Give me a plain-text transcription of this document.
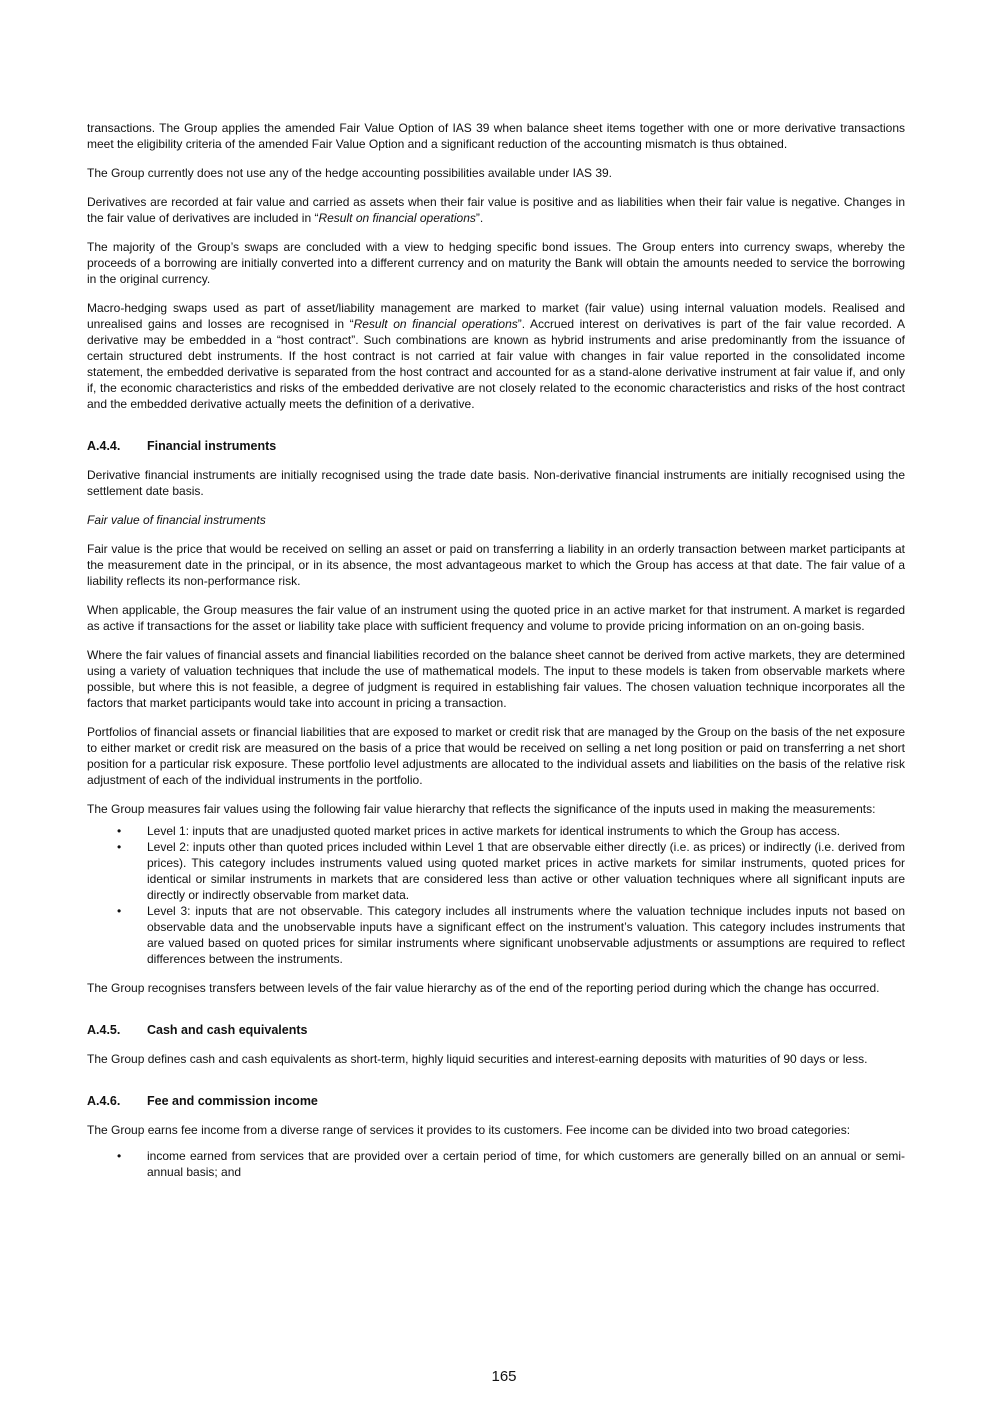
transactions. The Group applies the amended Fair Value Option of IAS 39 when balance sheet items together with one or more derivative transactions meet the eligibility criteria of the amended Fair Value Option and a significant reduction of the accounting mismatch is thus obtained.

The Group currently does not use any of the hedge accounting possibilities available under IAS 39.

Derivatives are recorded at fair value and carried as assets when their fair value is positive and as liabilities when their fair value is negative. Changes in the fair value of derivatives are included in “Result on financial operations”.

The majority of the Group’s swaps are concluded with a view to hedging specific bond issues. The Group enters into currency swaps, whereby the proceeds of a borrowing are initially converted into a different currency and on maturity the Bank will obtain the amounts needed to service the borrowing in the original currency.

Macro-hedging swaps used as part of asset/liability management are marked to market (fair value) using internal valuation models. Realised and unrealised gains and losses are recognised in “Result on financial operations”. Accrued interest on derivatives is part of the fair value recorded. A derivative may be embedded in a “host contract”. Such combinations are known as hybrid instruments and arise predominantly from the issuance of certain structured debt instruments. If the host contract is not carried at fair value with changes in fair value reported in the consolidated income statement, the embedded derivative is separated from the host contract and accounted for as a stand-alone derivative instrument at fair value if, and only if, the economic characteristics and risks of the embedded derivative are not closely related to the economic characteristics and risks of the host contract and the embedded derivative actually meets the definition of a derivative.

A.4.4.	Financial instruments

Derivative financial instruments are initially recognised using the trade date basis. Non-derivative financial instruments are initially recognised using the settlement date basis.

Fair value of financial instruments

Fair value is the price that would be received on selling an asset or paid on transferring a liability in an orderly transaction between market participants at the measurement date in the principal, or in its absence, the most advantageous market to which the Group has access at that date. The fair value of a liability reflects its non-performance risk.

When applicable, the Group measures the fair value of an instrument using the quoted price in an active market for that instrument. A market is regarded as active if transactions for the asset or liability take place with sufficient frequency and volume to provide pricing information on an on-going basis.

Where the fair values of financial assets and financial liabilities recorded on the balance sheet cannot be derived from active markets, they are determined using a variety of valuation techniques that include the use of mathematical models. The input to these models is taken from observable markets where possible, but where this is not feasible, a degree of judgment is required in establishing fair values. The chosen valuation technique incorporates all the factors that market participants would take into account in pricing a transaction.

Portfolios of financial assets or financial liabilities that are exposed to market or credit risk that are managed by the Group on the basis of the net exposure to either market or credit risk are measured on the basis of a price that would be received on selling a net long position or paid on transferring a net short position for a particular risk exposure. These portfolio level adjustments are allocated to the individual assets and liabilities on the basis of the relative risk adjustment of each of the individual instruments in the portfolio.

The Group measures fair values using the following fair value hierarchy that reflects the significance of the inputs used in making the measurements:

• Level 1: inputs that are unadjusted quoted market prices in active markets for identical instruments to which the Group has access.
• Level 2: inputs other than quoted prices included within Level 1 that are observable either directly (i.e. as prices) or indirectly (i.e. derived from prices). This category includes instruments valued using quoted market prices in active markets for similar instruments, quoted prices for identical or similar instruments in markets that are considered less than active or other valuation techniques where all significant inputs are directly or indirectly observable from market data.
• Level 3: inputs that are not observable. This category includes all instruments where the valuation technique includes inputs not based on observable data and the unobservable inputs have a significant effect on the instrument’s valuation. This category includes instruments that are valued based on quoted prices for similar instruments where significant unobservable adjustments or assumptions are required to reflect differences between the instruments.

The Group recognises transfers between levels of the fair value hierarchy as of the end of the reporting period during which the change has occurred.

A.4.5.	Cash and cash equivalents

The Group defines cash and cash equivalents as short-term, highly liquid securities and interest-earning deposits with maturities of 90 days or less.

A.4.6.	Fee and commission income

The Group earns fee income from a diverse range of services it provides to its customers. Fee income can be divided into two broad categories:

• income earned from services that are provided over a certain period of time, for which customers are generally billed on an annual or semi-annual basis; and
165
